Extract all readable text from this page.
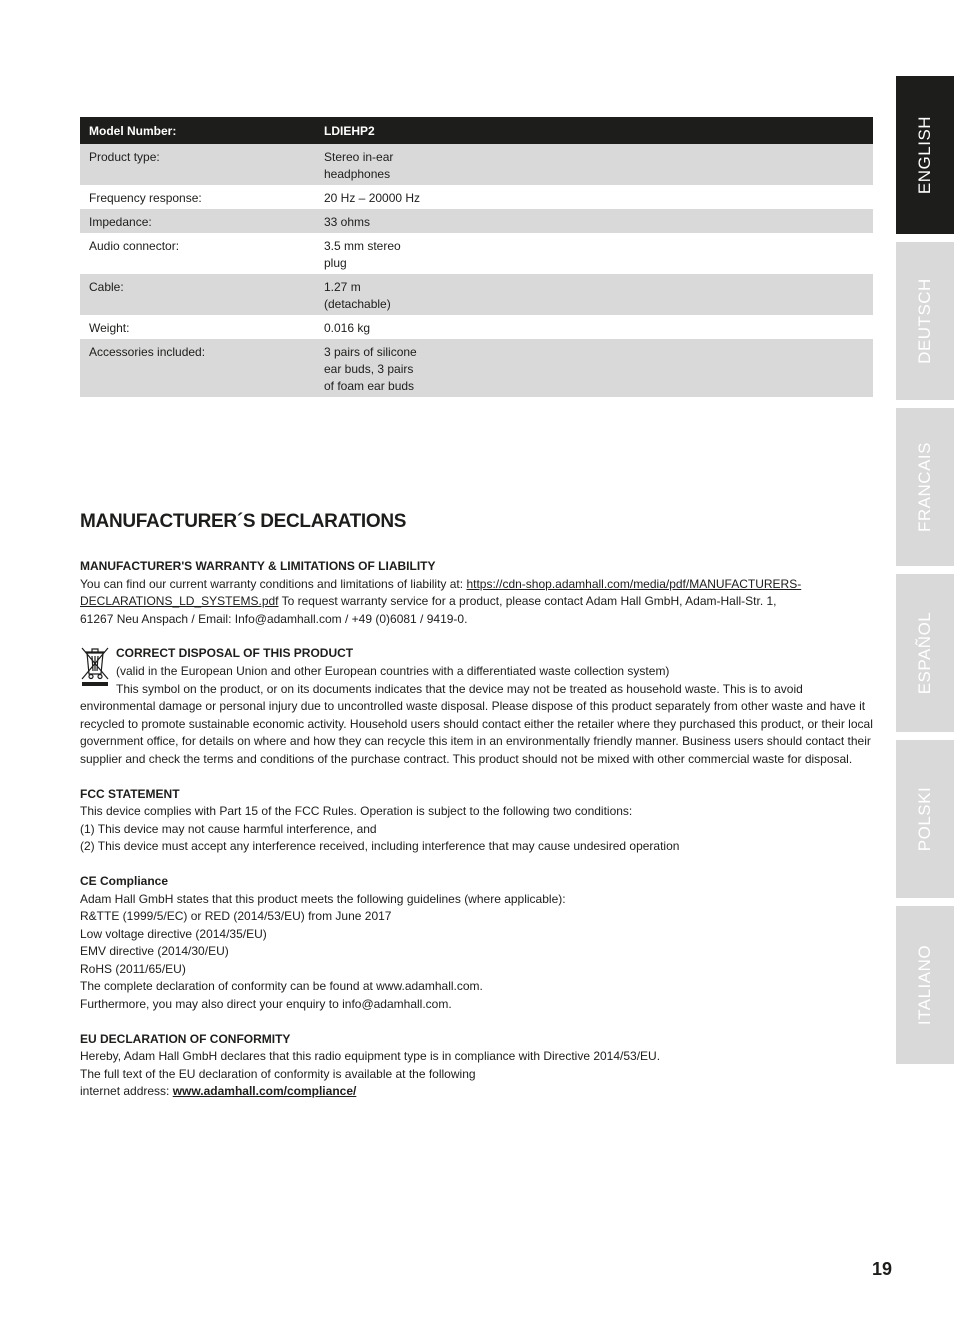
Model Number:	LDIEHP2
Product type:	Stereo in-ear
headphones

Frequency response:	20 Hz – 20000 Hz

Impedance:	33 ohms

Audio connector:	3.5 mm stereo
plug

Cable:	1.27 m
(detachable)

Weight:	0.016 kg

Accessories included:	3 pairs of silicone
ear buds, 3 pairs
of foam ear buds
ENGLISH
DEUTSCH
FRANCAIS
ESPAÑOL
POLSKI
ITALIANO
MANUFACTURER´S DECLARATIONS
MANUFACTURER'S WARRANTY & LIMITATIONS OF LIABILITY

You can find our current warranty conditions and limitations of liability at: https://cdn-shop.adamhall.com/media/pdf/MANUFACTURERS-DECLARATIONS_LD_SYSTEMS.pdf To request warranty service for a product, please contact Adam Hall GmbH, Adam-Hall-Str. 1,

61267 Neu Anspach / Email: Info@adamhall.com / +49 (0)6081 / 9419-0.

CORRECT DISPOSAL OF THIS PRODUCT

(valid in the European Union and other European countries with a differentiated waste collection system)

This symbol on the product, or on its documents indicates that the device may not be treated as household waste. This is to avoid environmental damage or personal injury due to uncontrolled waste disposal. Please dispose of this product separately from other waste and have it recycled to promote sustainable economic activity. Household users should contact either the retailer where they purchased this product, or their local government office, for details on where and how they can recycle this item in an environmentally friendly manner. Business users should contact their supplier and check the terms and conditions of the purchase contract. This product should not be mixed with other commercial waste for disposal.

FCC STATEMENT

This device complies with Part 15 of the FCC Rules. Operation is subject to the following two conditions:

(1) This device may not cause harmful interference, and

(2) This device must accept any interference received, including interference that may cause undesired operation

CE Compliance

Adam Hall GmbH states that this product meets the following guidelines (where applicable):

R&TTE (1999/5/EC) or RED (2014/53/EU) from June 2017

Low voltage directive (2014/35/EU)

EMV directive (2014/30/EU)

RoHS (2011/65/EU)

The complete declaration of conformity can be found at www.adamhall.com.

Furthermore, you may also direct your enquiry to info@adamhall.com.

EU DECLARATION OF CONFORMITY

Hereby, Adam Hall GmbH declares that this radio equipment type is in compliance with Directive 2014/53/EU.

The full text of the EU declaration of conformity is available at the following

internet address: www.adamhall.com/compliance/

19
